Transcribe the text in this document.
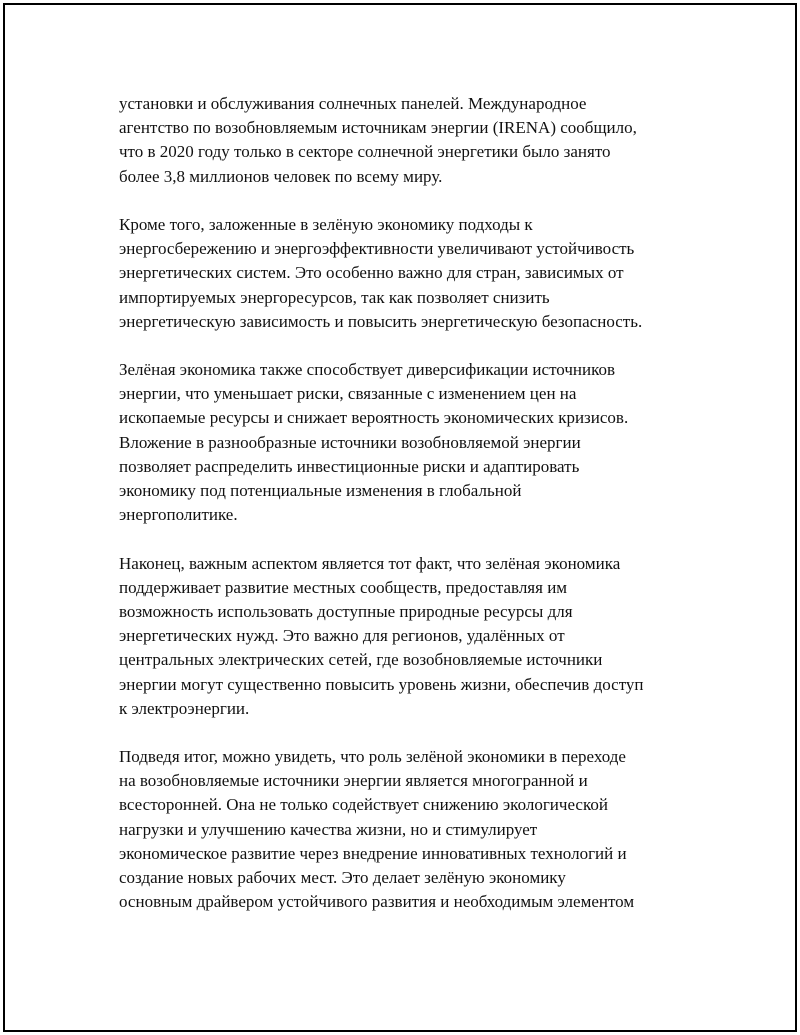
установки и обслуживания солнечных панелей. Международное
агентство по возобновляемым источникам энергии (IRENA) сообщило,
что в 2020 году только в секторе солнечной энергетики было занято
более 3,8 миллионов человек по всему миру.
Кроме того, заложенные в зелёную экономику подходы к
энергосбережению и энергоэффективности увеличивают устойчивость
энергетических систем. Это особенно важно для стран, зависимых от
импортируемых энергоресурсов, так как позволяет снизить
энергетическую зависимость и повысить энергетическую безопасность.
Зелёная экономика также способствует диверсификации источников
энергии, что уменьшает риски, связанные с изменением цен на
ископаемые ресурсы и снижает вероятность экономических кризисов.
Вложение в разнообразные источники возобновляемой энергии
позволяет распределить инвестиционные риски и адаптировать
экономику под потенциальные изменения в глобальной
энергополитике.
Наконец, важным аспектом является тот факт, что зелёная экономика
поддерживает развитие местных сообществ, предоставляя им
возможность использовать доступные природные ресурсы для
энергетических нужд. Это важно для регионов, удалённых от
центральных электрических сетей, где возобновляемые источники
энергии могут существенно повысить уровень жизни, обеспечив доступ
к электроэнергии.
Подведя итог, можно увидеть, что роль зелёной экономики в переходе
на возобновляемые источники энергии является многогранной и
всесторонней. Она не только содействует снижению экологической
нагрузки и улучшению качества жизни, но и стимулирует
экономическое развитие через внедрение инновативных технологий и
создание новых рабочих мест. Это делает зелёную экономику
основным драйвером устойчивого развития и необходимым элементом
